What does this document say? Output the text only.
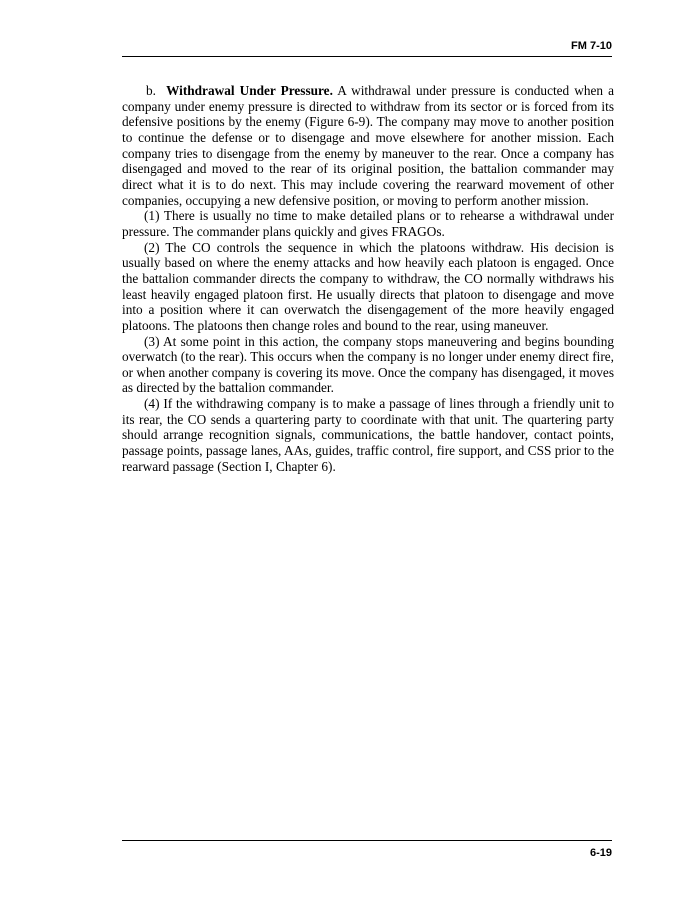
FM 7-10

b. Withdrawal Under Pressure. A withdrawal under pressure is conducted when a company under enemy pressure is directed to withdraw from its sector or is forced from its defensive positions by the enemy (Figure 6-9). The company may move to another position to continue the defense or to disengage and move elsewhere for another mission. Each company tries to disengage from the enemy by maneuver to the rear. Once a company has disengaged and moved to the rear of its original position, the battalion commander may direct what it is to do next. This may include covering the rearward movement of other companies, occupying a new defensive position, or moving to perform another mission.

(1) There is usually no time to make detailed plans or to rehearse a withdrawal under pressure. The commander plans quickly and gives FRAGOs.

(2) The CO controls the sequence in which the platoons withdraw. His decision is usually based on where the enemy attacks and how heavily each platoon is engaged. Once the battalion commander directs the company to withdraw, the CO normally withdraws his least heavily engaged platoon first. He usually directs that platoon to disengage and move into a position where it can overwatch the disengagement of the more heavily engaged platoons. The platoons then change roles and bound to the rear, using maneuver.

(3) At some point in this action, the company stops maneuvering and begins bounding overwatch (to the rear). This occurs when the company is no longer under enemy direct fire, or when another company is covering its move. Once the company has disengaged, it moves as directed by the battalion commander.

(4) If the withdrawing company is to make a passage of lines through a friendly unit to its rear, the CO sends a quartering party to coordinate with that unit. The quartering party should arrange recognition signals, communications, the battle handover, contact points, passage points, passage lanes, AAs, guides, traffic control, fire support, and CSS prior to the rearward passage (Section I, Chapter 6).

6-19
